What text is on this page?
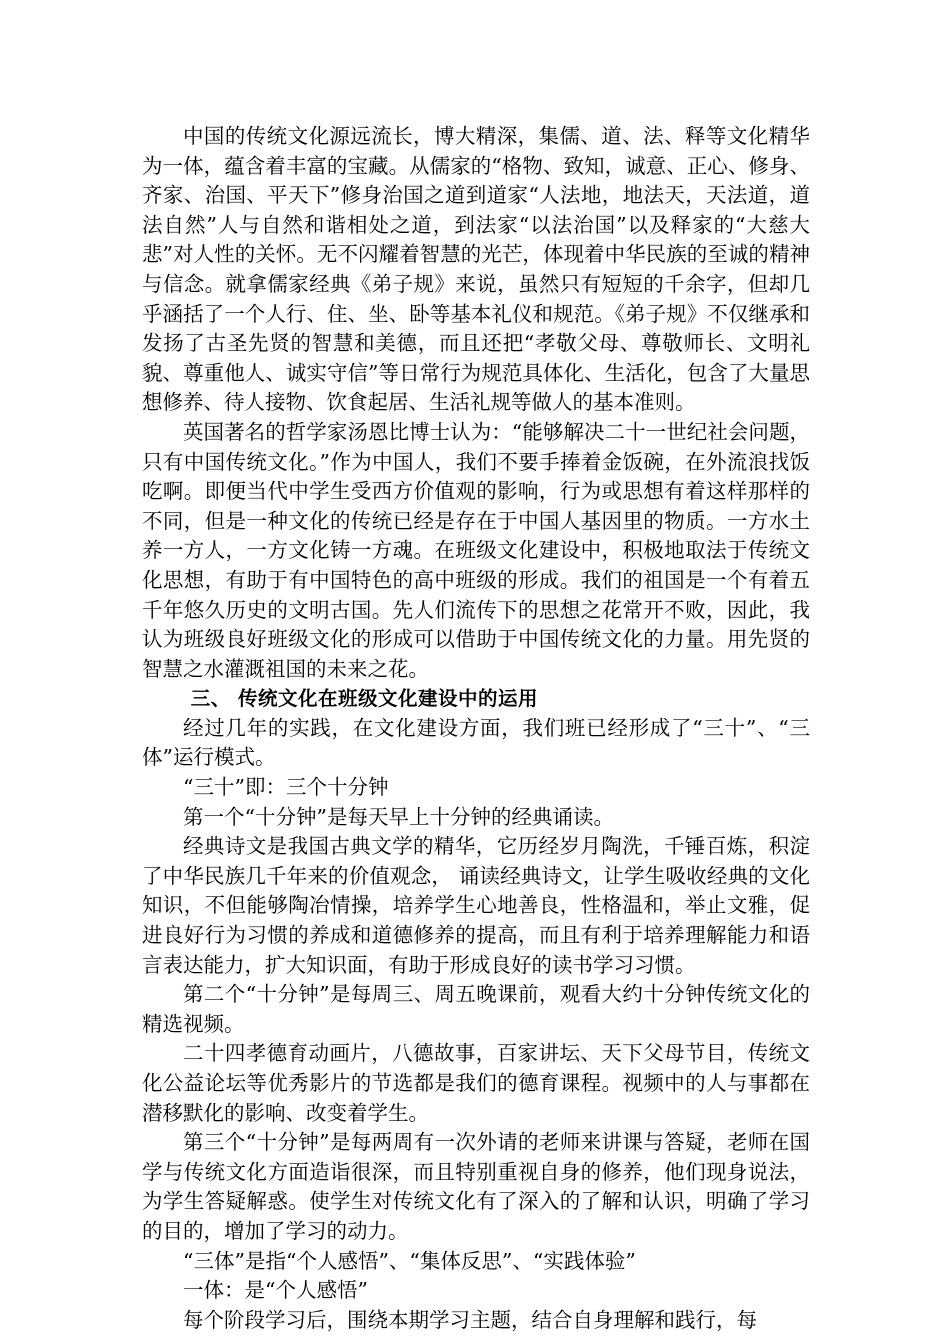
中国的传统文化源远流长，博大精深，集儒、道、法、释等文化精华为一体，蕴含着丰富的宝藏。从儒家的“格物、致知，诚意、正心、修身、齐家、治国、平天下”修身治国之道到道家“人法地，地法天，天法道，道法自然”人与自然和谐相处之道，到法家“以法治国”以及释家的“大慈大悲”对人性的关怀。无不闪耀着智慧的光芒，体现着中华民族的至诚的精神与信念。就拿儒家经典《弟子规》来说，虽然只有短短的千余字，但却几乎涵括了一个人行、住、坐、卧等基本礼仪和规范。《弟子规》不仅继承和发扬了古圣先贤的智慧和美德，而且还把“孝敬父母、尊敬师长、文明礼貌、尊重他人、诚实守信”等日常行为规范具体化、生活化，包含了大量思想修养、待人接物、饮食起居、生活礼规等做人的基本准则。

英国著名的哲学家汤恩比博士认为：“能够解决二十一世纪社会问题，只有中国传统文化。”作为中国人，我们不要手捧着金饭碗，在外流浪找饭吃啊。即便当代中学生受西方价值观的影响，行为或思想有着这样那样的不同，但是一种文化的传统已经是存在于中国人基因里的物质。一方水土养一方人，一方文化铸一方魂。在班级文化建设中，积极地取法于传统文化思想，有助于有中国特色的高中班级的形成。我们的祖国是一个有着五千年悠久历史的文明古国。先人们流传下的思想之花常开不败，因此，我认为班级良好班级文化的形成可以借助于中国传统文化的力量。用先贤的智慧之水灌溉祖国的未来之花。

三、 传统文化在班级文化建设中的运用

经过几年的实践，在文化建设方面，我们班已经形成了“三十”、“三体”运行模式。

“三十”即：三个十分钟

第一个“十分钟”是每天早上十分钟的经典诵读。

经典诗文是我国古典文学的精华，它历经岁月陶洗，千锤百炼，积淀了中华民族几千年来的价值观念， 诵读经典诗文，让学生吸收经典的文化知识，不但能够陶冶情操，培养学生心地善良，性格温和，举止文雅，促进良好行为习惯的养成和道德修养的提高，而且有利于培养理解能力和语言表达能力，扩大知识面，有助于形成良好的读书学习习惯。

第二个“十分钟”是每周三、周五晚课前，观看大约十分钟传统文化的精选视频。

二十四孝德育动画片，八德故事，百家讲坛、天下父母节目，传统文化公益论坛等优秀影片的节选都是我们的德育课程。视频中的人与事都在潜移默化的影响、改变着学生。

第三个“十分钟”是每两周有一次外请的老师来讲课与答疑，老师在国学与传统文化方面造诣很深，而且特别重视自身的修养，他们现身说法，为学生答疑解惑。使学生对传统文化有了深入的了解和认识，明确了学习的目的，增加了学习的动力。

“三体”是指“个人感悟”、“集体反思”、“实践体验”

一体：是“个人感悟”

每个阶段学习后，围绕本期学习主题，结合自身理解和践行，每
